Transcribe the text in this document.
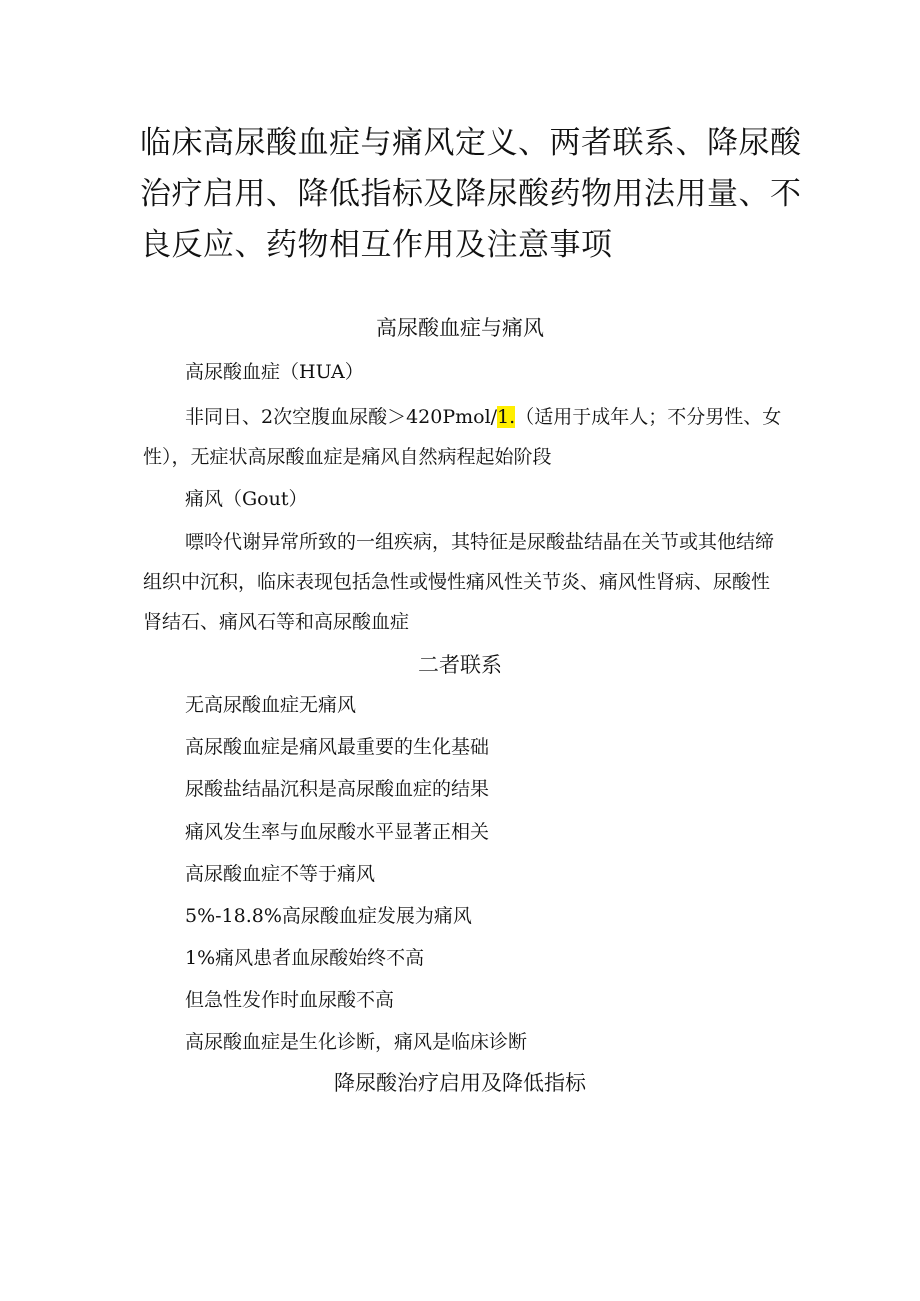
临床高尿酸血症与痛风定义、两者联系、降尿酸
治疗启用、降低指标及降尿酸药物用法用量、不
良反应、药物相互作用及注意事项
高尿酸血症与痛风
高尿酸血症（HUA）
非同日、2次空腹血尿酸＞420Pmol/1.（适用于成年人；不分男性、女
性），无症状高尿酸血症是痛风自然病程起始阶段
痛风（Gout）
嘌呤代谢异常所致的一组疾病，其特征是尿酸盐结晶在关节或其他结缔
组织中沉积，临床表现包括急性或慢性痛风性关节炎、痛风性肾病、尿酸性
肾结石、痛风石等和高尿酸血症
二者联系
无高尿酸血症无痛风
高尿酸血症是痛风最重要的生化基础
尿酸盐结晶沉积是高尿酸血症的结果
痛风发生率与血尿酸水平显著正相关
高尿酸血症不等于痛风
5%-18.8%高尿酸血症发展为痛风
1%痛风患者血尿酸始终不高
但急性发作时血尿酸不高
高尿酸血症是生化诊断，痛风是临床诊断
降尿酸治疗启用及降低指标
